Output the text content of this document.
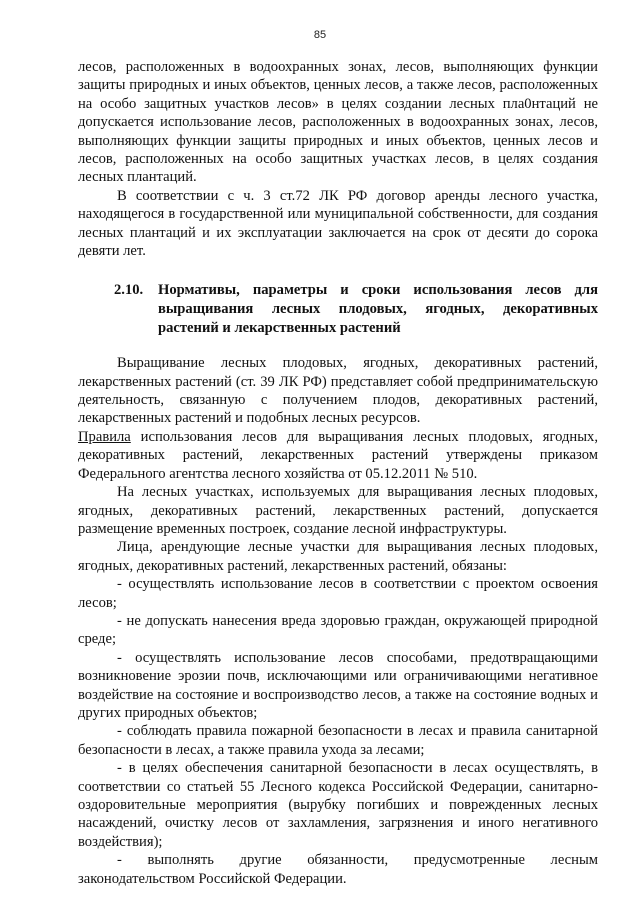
85

лесов, расположенных в водоохранных зонах, лесов, выполняющих функции защиты природных и иных объектов, ценных лесов, а также лесов, расположенных на особо защитных участков лесов» в целях создании лесных пла0нтаций не допускается использование лесов, расположенных в водоохранных зонах, лесов, выполняющих функции защиты природных и иных объектов, ценных лесов и лесов, расположенных на особо защитных участках лесов, в целях создания лесных плантаций.

В соответствии с ч. 3 ст.72 ЛК РФ договор аренды лесного участка, находящегося в государственной или муниципальной собственности, для создания лесных плантаций и их эксплуатации заключается на срок от десяти до сорока девяти лет.

2.10.	Нормативы, параметры и сроки использования лесов для выращивания лесных плодовых, ягодных, декоративных растений и лекарственных растений

Выращивание лесных плодовых, ягодных, декоративных растений, лекарственных растений (ст. 39 ЛК РФ) представляет собой предпринимательскую деятельность, связанную с получением плодов, декоративных растений, лекарственных растений и подобных лесных ресурсов.

Правила использования лесов для выращивания лесных плодовых, ягодных, декоративных растений, лекарственных растений утверждены приказом Федерального агентства лесного хозяйства от 05.12.2011 № 510.

На лесных участках, используемых для выращивания лесных плодовых, ягодных, декоративных растений, лекарственных растений, допускается размещение временных построек, создание лесной инфраструктуры.

Лица, арендующие лесные участки для выращивания лесных плодовых, ягодных, декоративных растений, лекарственных растений, обязаны:

- осуществлять использование лесов в соответствии с проектом освоения лесов;

- не допускать нанесения вреда здоровью граждан, окружающей природной среде;

- осуществлять использование лесов способами, предотвращающими возникновение эрозии почв, исключающими или ограничивающими негативное воздействие на состояние и воспроизводство лесов, а также на состояние водных и других природных объектов;

- соблюдать правила пожарной безопасности в лесах и правила санитарной безопасности в лесах, а также правила ухода за лесами;

- в целях обеспечения санитарной безопасности в лесах осуществлять, в соответствии со статьей 55 Лесного кодекса Российской Федерации, санитарно-оздоровительные мероприятия (вырубку погибших и поврежденных лесных насаждений, очистку лесов от захламления, загрязнения и иного негативного воздействия);

- выполнять другие обязанности, предусмотренные лесным законодательством Российской Федерации.
